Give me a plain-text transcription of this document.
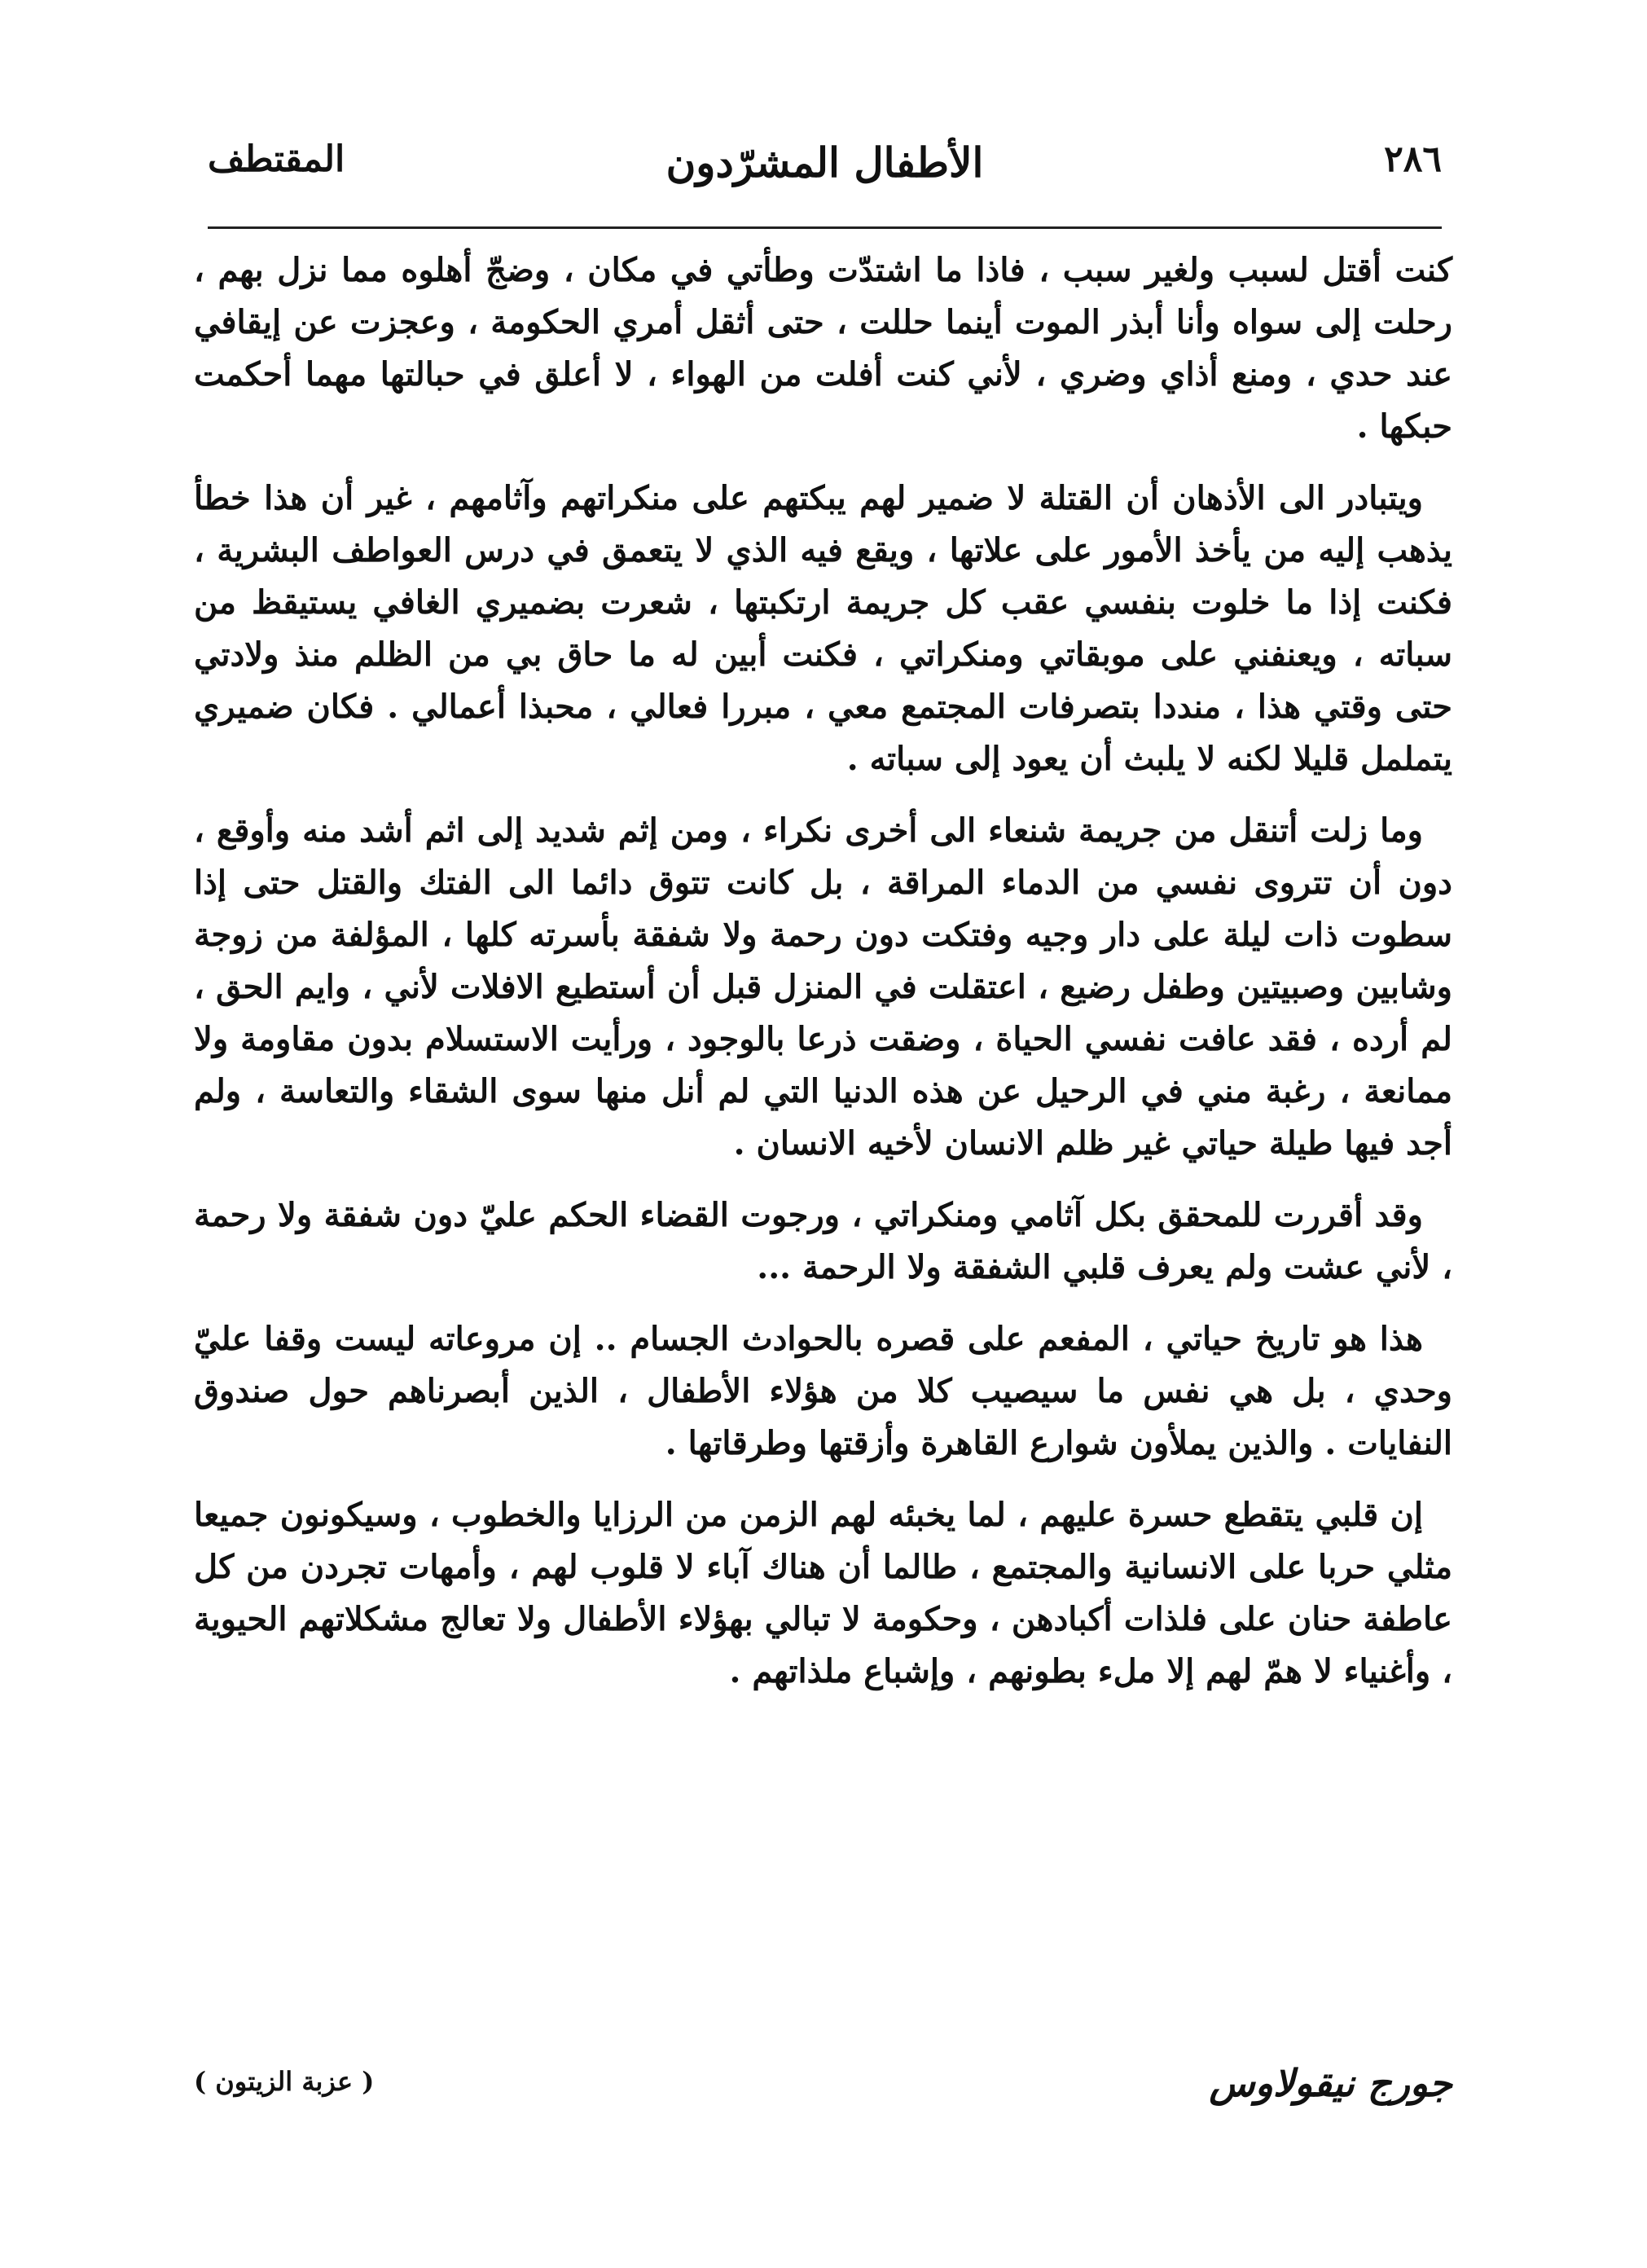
٢٨٦
الأطفال المشرّدون
المقتطف

كنت أقتل لسبب ولغير سبب ، فاذا ما اشتدّت وطأتي في مكان ، وضجّ أهلوه مما نزل بهم ، رحلت إلى سواه وأنا أبذر الموت أينما حللت ، حتى أثقل أمري الحكومة ، وعجزت عن إيقافي عند حدي ، ومنع أذاي وضري ، لأني كنت أفلت من الهواء ، لا أعلق في حبالتها مهما أحكمت حبكها .

ويتبادر الى الأذهان أن القتلة لا ضمير لهم يبكتهم على منكراتهم وآثامهم ، غير أن هذا خطأ يذهب إليه من يأخذ الأمور على علاتها ، ويقع فيه الذي لا يتعمق في درس العواطف البشرية ، فكنت إذا ما خلوت بنفسي عقب كل جريمة ارتكبتها ، شعرت بضميري الغافي يستيقظ من سباته ، ويعنفني على موبقاتي ومنكراتي ، فكنت أبين له ما حاق بي من الظلم منذ ولادتي حتى وقتي هذا ، منددا بتصرفات المجتمع معي ، مبررا فعالي ، محبذا أعمالي . فكان ضميري يتململ قليلا لكنه لا يلبث أن يعود إلى سباته .

وما زلت أتنقل من جريمة شنعاء الى أخرى نكراء ، ومن إثم شديد إلى اثم أشد منه وأوقع ، دون أن تتروى نفسي من الدماء المراقة ، بل كانت تتوق دائما الى الفتك والقتل حتى إذا سطوت ذات ليلة على دار وجيه وفتكت دون رحمة ولا شفقة بأسرته كلها ، المؤلفة من زوجة وشابين وصبيتين وطفل رضيع ، اعتقلت في المنزل قبل أن أستطيع الافلات لأني ، وايم الحق ، لم أرده ، فقد عافت نفسي الحياة ، وضقت ذرعا بالوجود ، ورأيت الاستسلام بدون مقاومة ولا ممانعة ، رغبة مني في الرحيل عن هذه الدنيا التي لم أنل منها سوى الشقاء والتعاسة ، ولم أجد فيها طيلة حياتي غير ظلم الانسان لأخيه الانسان .

وقد أقررت للمحقق بكل آثامي ومنكراتي ، ورجوت القضاء الحكم عليّ دون شفقة ولا رحمة ، لأني عشت ولم يعرف قلبي الشفقة ولا الرحمة ...

هذا هو تاريخ حياتي ، المفعم على قصره بالحوادث الجسام .. إن مروعاته ليست وقفا عليّ وحدي ، بل هي نفس ما سيصيب كلا من هؤلاء الأطفال ، الذين أبصرناهم حول صندوق النفايات . والذين يملأون شوارع القاهرة وأزقتها وطرقاتها .

إن قلبي يتقطع حسرة عليهم ، لما يخبئه لهم الزمن من الرزايا والخطوب ، وسيكونون جميعا مثلي حربا على الانسانية والمجتمع ، طالما أن هناك آباء لا قلوب لهم ، وأمهات تجردن من كل عاطفة حنان على فلذات أكبادهن ، وحكومة لا تبالي بهؤلاء الأطفال ولا تعالج مشكلاتهم الحيوية ، وأغنياء لا همّ لهم إلا ملء بطونهم ، وإشباع ملذاتهم .

جورج نيقولاوس
( عزبة الزيتون )
